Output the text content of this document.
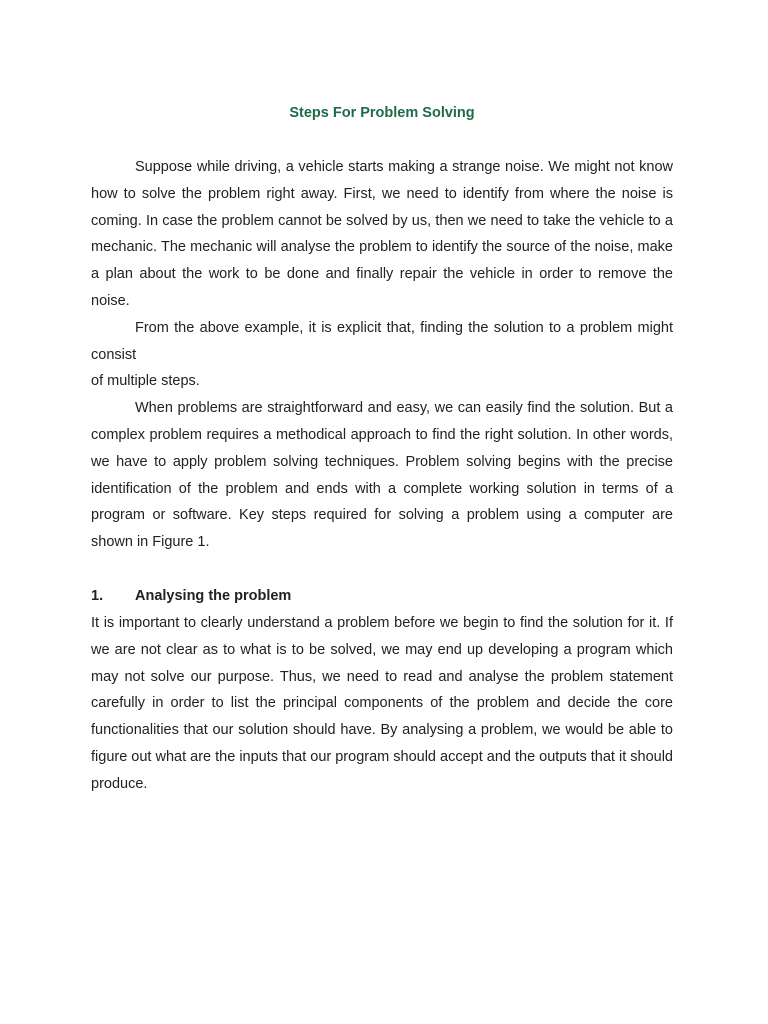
Steps For Problem Solving

Suppose while driving, a vehicle starts making a strange noise. We might not know how to solve the problem right away. First, we need to identify from where the noise is coming. In case the problem cannot be solved by us, then we need to take the vehicle to a mechanic. The mechanic will analyse the problem to identify the source of the noise, make a plan about the work to be done and finally repair the vehicle in order to remove the noise.

From the above example, it is explicit that, finding the solution to a problem might consist

of multiple steps.

When problems are straightforward and easy, we can easily find the solution. But a complex problem requires a methodical approach to find the right solution. In other words, we have to apply problem solving techniques. Problem solving begins with the precise identification of the problem and ends with a complete working solution in terms of a program or software. Key steps required for solving a problem using a computer are shown in Figure 1.

1. Analysing the problem

It is important to clearly understand a problem before we begin to find the solution for it. If we are not clear as to what is to be solved, we may end up developing a program which may not solve our purpose. Thus, we need to read and analyse the problem statement carefully in order to list the principal components of the problem and decide the core functionalities that our solution should have. By analysing a problem, we would be able to figure out what are the inputs that our program should accept and the outputs that it should produce.
